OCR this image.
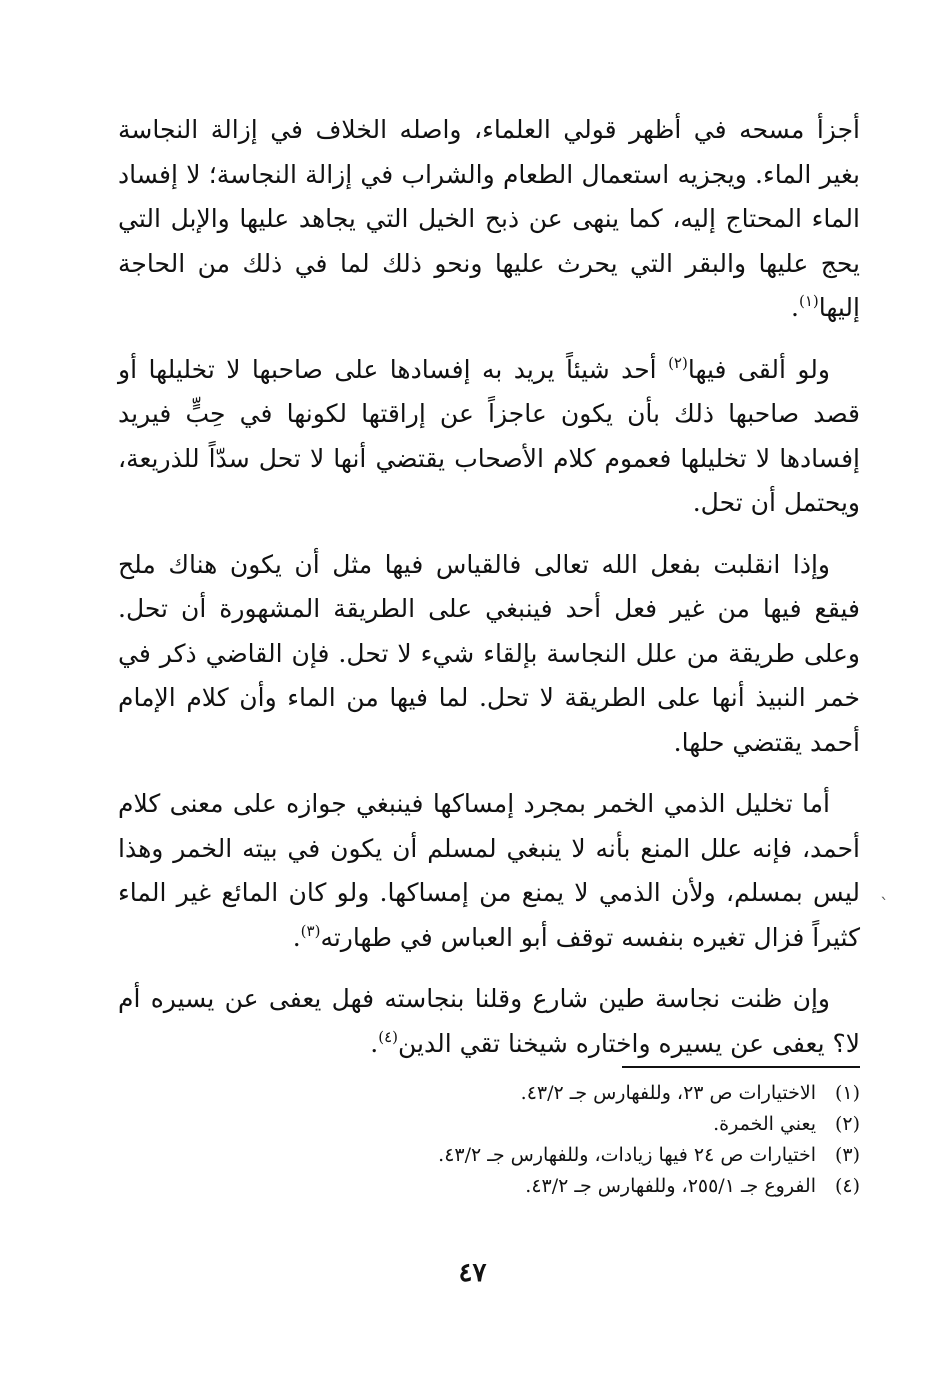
أجزأ مسحه في أظهر قولي العلماء، واصله الخلاف في إزالة النجاسة بغير الماء. ويجزيه استعمال الطعام والشراب في إزالة النجاسة؛ لا إفساد الماء المحتاج إليه، كما ينهى عن ذبح الخيل التي يجاهد عليها والإبل التي يحج عليها والبقر التي يحرث عليها ونحو ذلك لما في ذلك من الحاجة إليها$^{(١)}$.

ولو ألقى فيها$^{(٢)}$ أحد شيئاً يريد به إفسادها على صاحبها لا تخليلها أو قصد صاحبها ذلك بأن يكون عاجزاً عن إراقتها لكونها في حِبٍّ فيريد إفسادها لا تخليلها فعموم كلام الأصحاب يقتضي أنها لا تحل سدّاً للذريعة، ويحتمل أن تحل.

وإذا انقلبت بفعل الله تعالى فالقياس فيها مثل أن يكون هناك ملح فيقع فيها من غير فعل أحد فينبغي على الطريقة المشهورة أن تحل. وعلى طريقة من علل النجاسة بإلقاء شيء لا تحل. فإن القاضي ذكر في خمر النبيذ أنها على الطريقة لا تحل. لما فيها من الماء وأن كلام الإمام أحمد يقتضي حلها.

أما تخليل الذمي الخمر بمجرد إمساكها فينبغي جوازه على معنى كلام أحمد، فإنه علل المنع بأنه لا ينبغي لمسلم أن يكون في بيته الخمر وهذا ليس بمسلم، ولأن الذمي لا يمنع من إمساكها. ولو كان المائع غير الماء كثيراً فزال تغيره بنفسه توقف أبو العباس في طهارته$^{(٣)}$.

وإن ظنت نجاسة طين شارع وقلنا بنجاسته فهل يعفى عن يسيره أم لا؟ يعفى عن يسيره واختاره شيخنا تقي الدين$^{(٤)}$.

ˋ

(١)الاختيارات ص ٢٣، وللفهارس جـ ٤٣/٢.

(٢)يعني الخمرة.

(٣)اختيارات ص ٢٤ فيها زيادات، وللفهارس جـ ٤٣/٢.

(٤)الفروع جـ ٢٥٥/١، وللفهارس جـ ٤٣/٢.

٤٧
